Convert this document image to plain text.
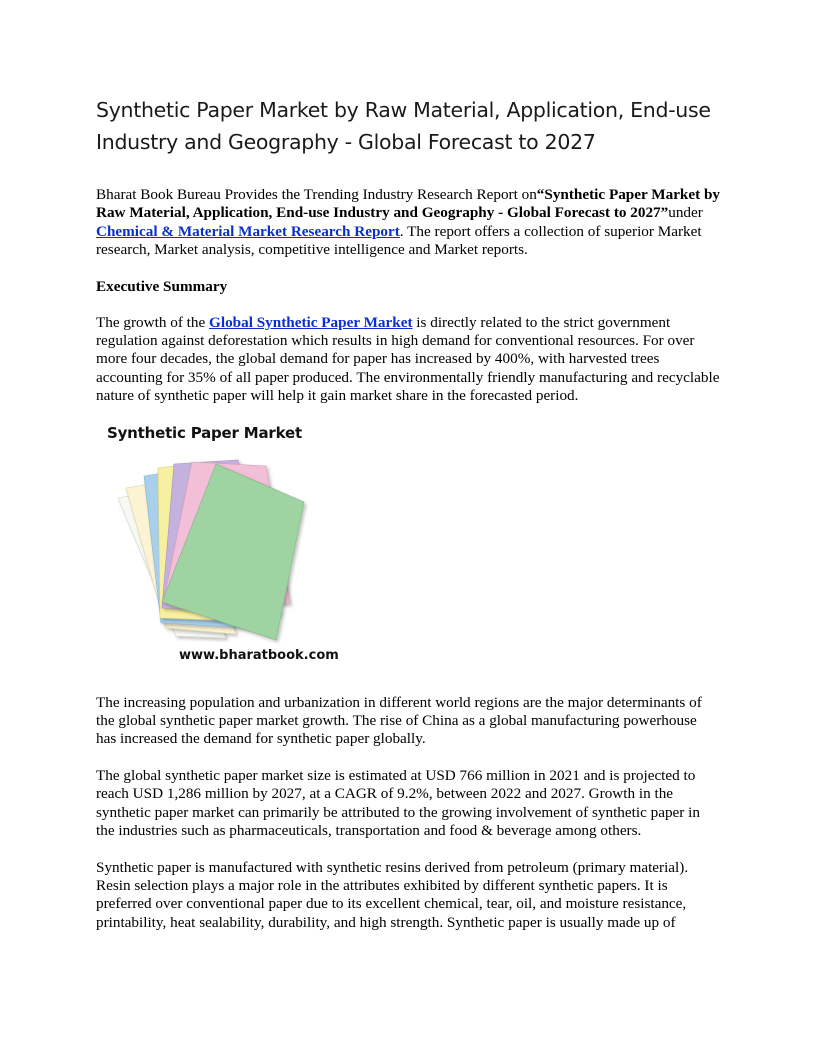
Synthetic Paper Market by Raw Material, Application, End-use Industry and Geography - Global Forecast to 2027

Bharat Book Bureau Provides the Trending Industry Research Report on“Synthetic Paper Market by Raw Material, Application, End-use Industry and Geography - Global Forecast to 2027”under Chemical & Material Market Research Report. The report offers a collection of superior Market research, Market analysis, competitive intelligence and Market reports.

Executive Summary

The growth of the Global Synthetic Paper Market is directly related to the strict government regulation against deforestation which results in high demand for conventional resources. For over more four decades, the global demand for paper has increased by 400%, with harvested trees accounting for 35% of all paper produced. The environmentally friendly manufacturing and recyclable nature of synthetic paper will help it gain market share in the forecasted period.

Synthetic Paper Market
www.bharatbook.com

The increasing population and urbanization in different world regions are the major determinants of the global synthetic paper market growth. The rise of China as a global manufacturing powerhouse has increased the demand for synthetic paper globally.

The global synthetic paper market size is estimated at USD 766 million in 2021 and is projected to reach USD 1,286 million by 2027, at a CAGR of 9.2%, between 2022 and 2027. Growth in the synthetic paper market can primarily be attributed to the growing involvement of synthetic paper in the industries such as pharmaceuticals, transportation and food & beverage among others.

Synthetic paper is manufactured with synthetic resins derived from petroleum (primary material). Resin selection plays a major role in the attributes exhibited by different synthetic papers. It is preferred over conventional paper due to its excellent chemical, tear, oil, and moisture resistance, printability, heat sealability, durability, and high strength. Synthetic paper is usually made up of
